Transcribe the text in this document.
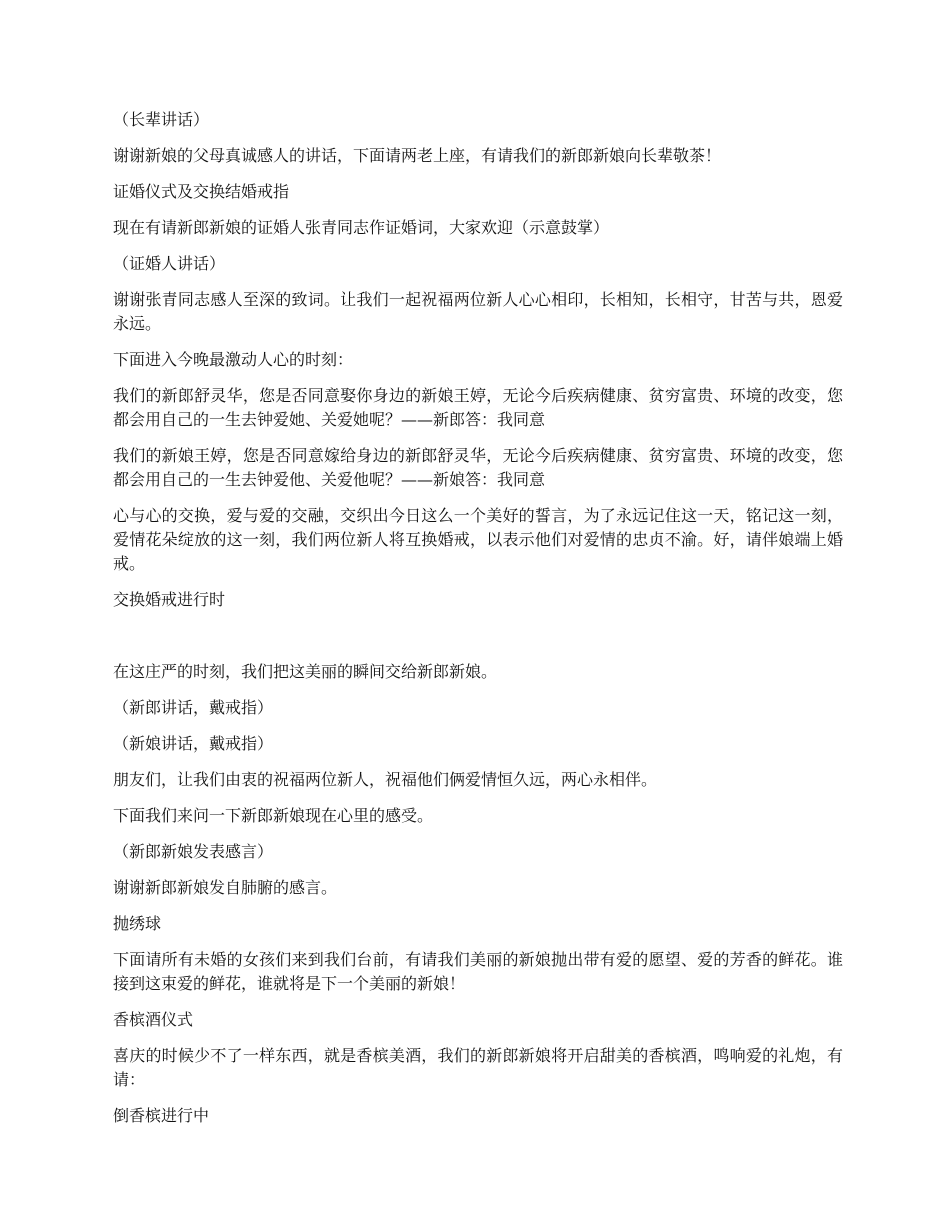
（长辈讲话）

谢谢新娘的父母真诚感人的讲话，下面请两老上座，有请我们的新郎新娘向长辈敬茶！

证婚仪式及交换结婚戒指

现在有请新郎新娘的证婚人张青同志作证婚词，大家欢迎（示意鼓掌）

（证婚人讲话）

谢谢张青同志感人至深的致词。让我们一起祝福两位新人心心相印，长相知，长相守，甘苦与共，恩爱永远。

下面进入今晚最激动人心的时刻：

我们的新郎舒灵华，您是否同意娶你身边的新娘王婷，无论今后疾病健康、贫穷富贵、环境的改变，您都会用自己的一生去钟爱她、关爱她呢？——新郎答：我同意

我们的新娘王婷，您是否同意嫁给身边的新郎舒灵华，无论今后疾病健康、贫穷富贵、环境的改变，您都会用自己的一生去钟爱他、关爱他呢？——新娘答：我同意

心与心的交换，爱与爱的交融，交织出今日这么一个美好的誓言，为了永远记住这一天，铭记这一刻，爱情花朵绽放的这一刻，我们两位新人将互换婚戒，以表示他们对爱情的忠贞不渝。好，请伴娘端上婚戒。

交换婚戒进行时

在这庄严的时刻，我们把这美丽的瞬间交给新郎新娘。

（新郎讲话，戴戒指）

（新娘讲话，戴戒指）

朋友们，让我们由衷的祝福两位新人，祝福他们俩爱情恒久远，两心永相伴。

下面我们来问一下新郎新娘现在心里的感受。

（新郎新娘发表感言）

谢谢新郎新娘发自肺腑的感言。

抛绣球

下面请所有未婚的女孩们来到我们台前，有请我们美丽的新娘抛出带有爱的愿望、爱的芳香的鲜花。谁接到这束爱的鲜花，谁就将是下一个美丽的新娘！

香槟酒仪式

喜庆的时候少不了一样东西，就是香槟美酒，我们的新郎新娘将开启甜美的香槟酒，鸣响爱的礼炮，有请：

倒香槟进行中
